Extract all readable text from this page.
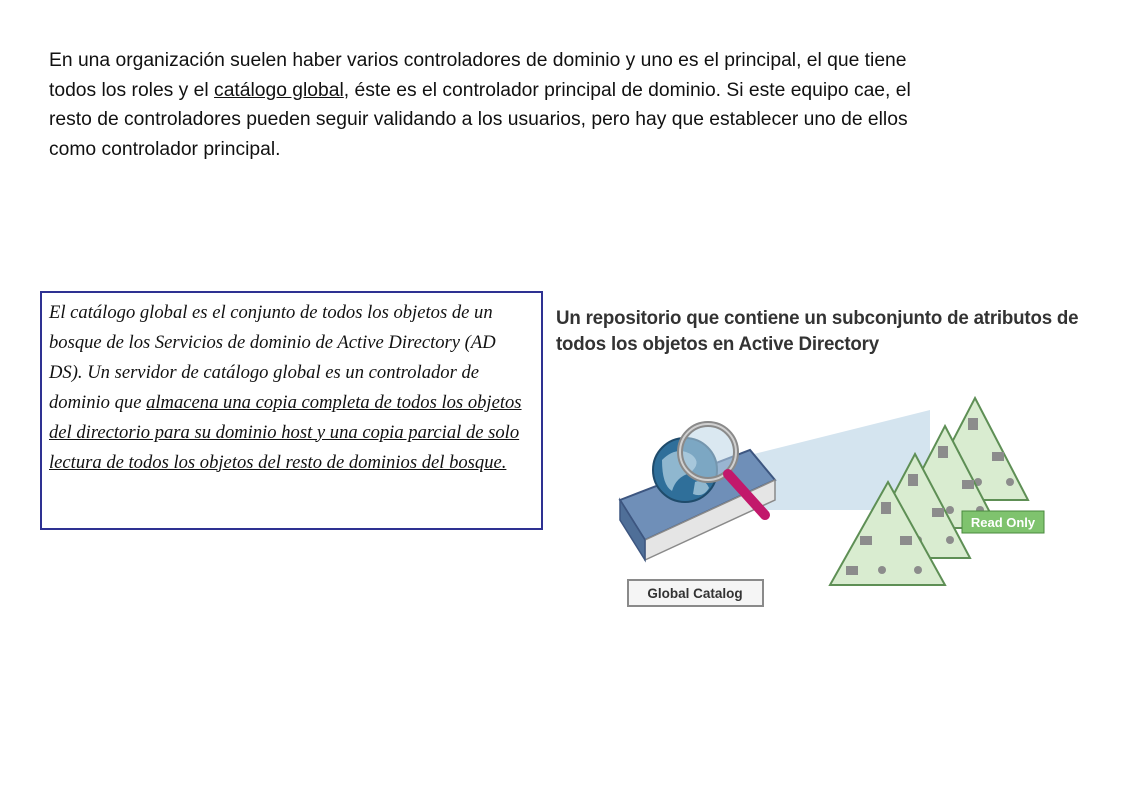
En una organización suelen haber varios controladores de dominio y uno es el principal, el que tiene todos los roles y el catálogo global, éste es el controlador principal de dominio. Si este equipo cae, el resto de controladores pueden seguir validando a los usuarios, pero hay que establecer uno de ellos como controlador principal.

El catálogo global es el conjunto de todos los objetos de un bosque de los Servicios de dominio de Active Directory (AD DS). Un servidor de catálogo global es un controlador de dominio que almacena una copia completa de todos los objetos del directorio para su dominio host y una copia parcial de solo lectura de todos los objetos del resto de dominios del bosque.
Un repositorio que contiene un subconjunto de atributos de todos los objetos en Active Directory
Read Only
Global Catalog
